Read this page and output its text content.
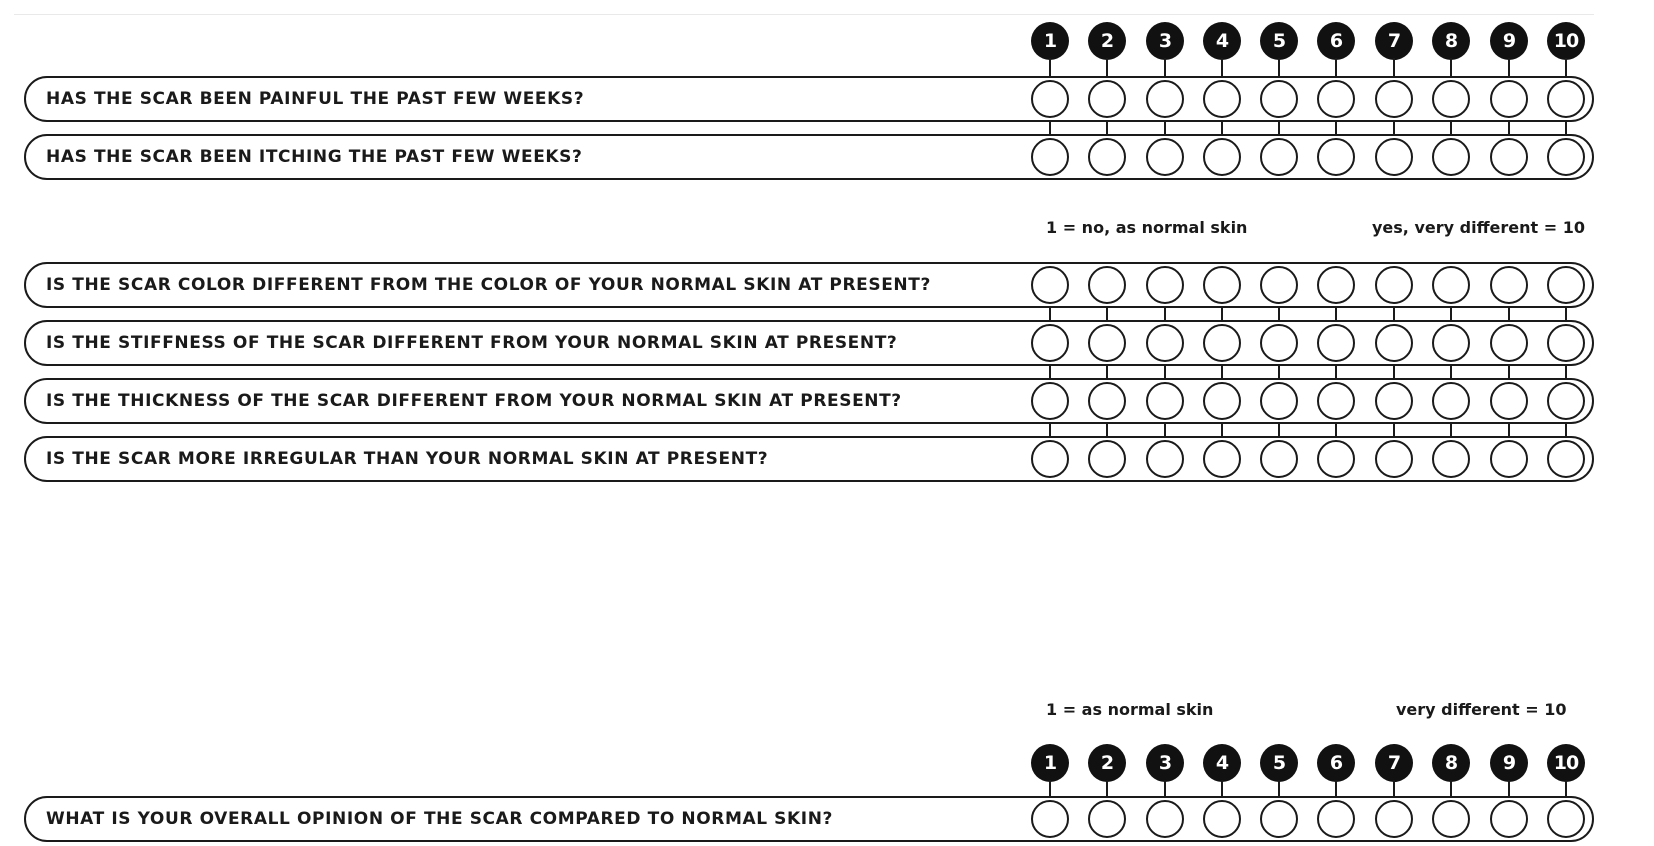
1 = no, as normal skin	yes, very different = 10
1 = as normal skin	very different = 10
1	2	3	4	5	6	7	8	9	10
HAS THE SCAR BEEN PAINFUL THE PAST FEW WEEKS?
HAS THE SCAR BEEN ITCHING THE PAST FEW WEEKS?
IS THE SCAR COLOR DIFFERENT FROM THE COLOR OF YOUR NORMAL SKIN AT PRESENT?
IS THE STIFFNESS OF THE SCAR DIFFERENT FROM YOUR NORMAL SKIN AT PRESENT?
IS THE THICKNESS OF THE SCAR DIFFERENT FROM YOUR NORMAL SKIN AT PRESENT?
IS THE SCAR MORE IRREGULAR THAN YOUR NORMAL SKIN AT PRESENT?
1	2	3	4	5	6	7	8	9	10
WHAT IS YOUR OVERALL OPINION OF THE SCAR COMPARED TO NORMAL SKIN?
